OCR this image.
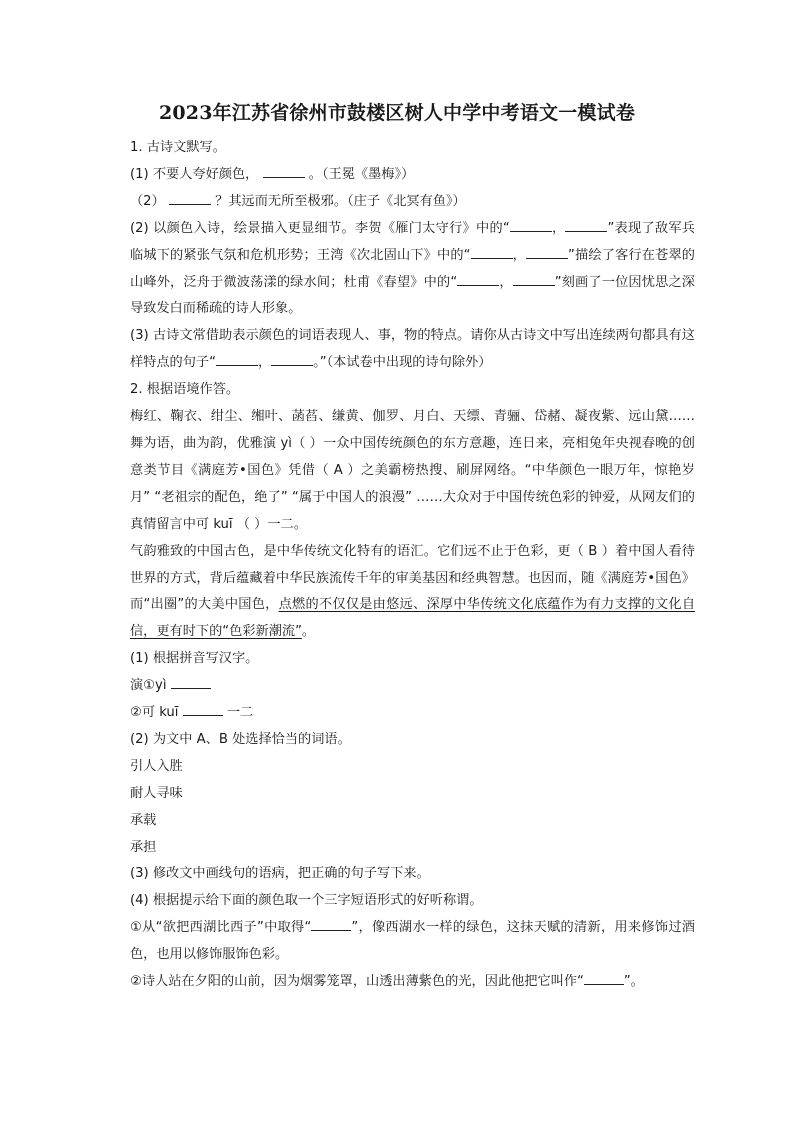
2023年江苏省徐州市鼓楼区树人中学中考语文一模试卷

1. 古诗文默写。

(1) 不要人夸好颜色，	。（王冕《墨梅》）

（2）	？其远而无所至极邪。（庄子《北冥有鱼》）

(2) 以颜色入诗，绘景描入更显细节。李贺《雁门太守行》中的“	，	”表现了敌军兵临城下的紧张气氛和危机形势；王湾《次北固山下》中的“	，	”描绘了客行在苍翠的山峰外，泛舟于微波荡漾的绿水间；杜甫《春望》中的“	，	”刻画了一位因忧思之深导致发白而稀疏的诗人形象。

(3) 古诗文常借助表示颜色的词语表现人、事，物的特点。请你从古诗文中写出连续两句都具有这样特点的句子“	，	。”（本试卷中出现的诗句除外）

2. 根据语境作答。

梅红、鞠衣、绀尘、缃叶、菡萏、缣黄、伽罗、月白、天缥、青骊、岱赭、凝夜紫、远山黛……舞为语，曲为韵，优雅演 yì（ ）一众中国传统颜色的东方意趣，连日来，亮相兔年央视春晚的创意类节目《满庭芳•国色》凭借（ A ）之美霸榜热搜、刷屏网络。“中华颜色一眼万年，惊艳岁月” “老祖宗的配色，绝了” “属于中国人的浪漫” ……大众对于中国传统色彩的钟爱，从网友们的真情留言中可 kuī （ ）一二。

气韵雅致的中国古色，是中华传统文化特有的语汇。它们远不止于色彩，更（ B ）着中国人看待世界的方式，背后蕴藏着中华民族流传千年的审美基因和经典智慧。也因而，随《满庭芳•国色》而“出圈”的大美中国色，点燃的不仅仅是由悠远、深厚中华传统文化底蕴作为有力支撑的文化自信，更有时下的“色彩新潮流”。

(1) 根据拼音写汉字。

演①yì

②可 kuī	一二

(2) 为文中 A、B 处选择恰当的词语。

引人入胜

耐人寻味

承载

承担

(3) 修改文中画线句的语病，把正确的句子写下来。

(4) 根据提示给下面的颜色取一个三字短语形式的好听称谓。

①从“欲把西湖比西子”中取得“	”，像西湖水一样的绿色，这抹天赋的清新，用来修饰过酒色，也用以修饰服饰色彩。

②诗人站在夕阳的山前，因为烟雾笼罩，山透出薄紫色的光，因此他把它叫作“	”。
